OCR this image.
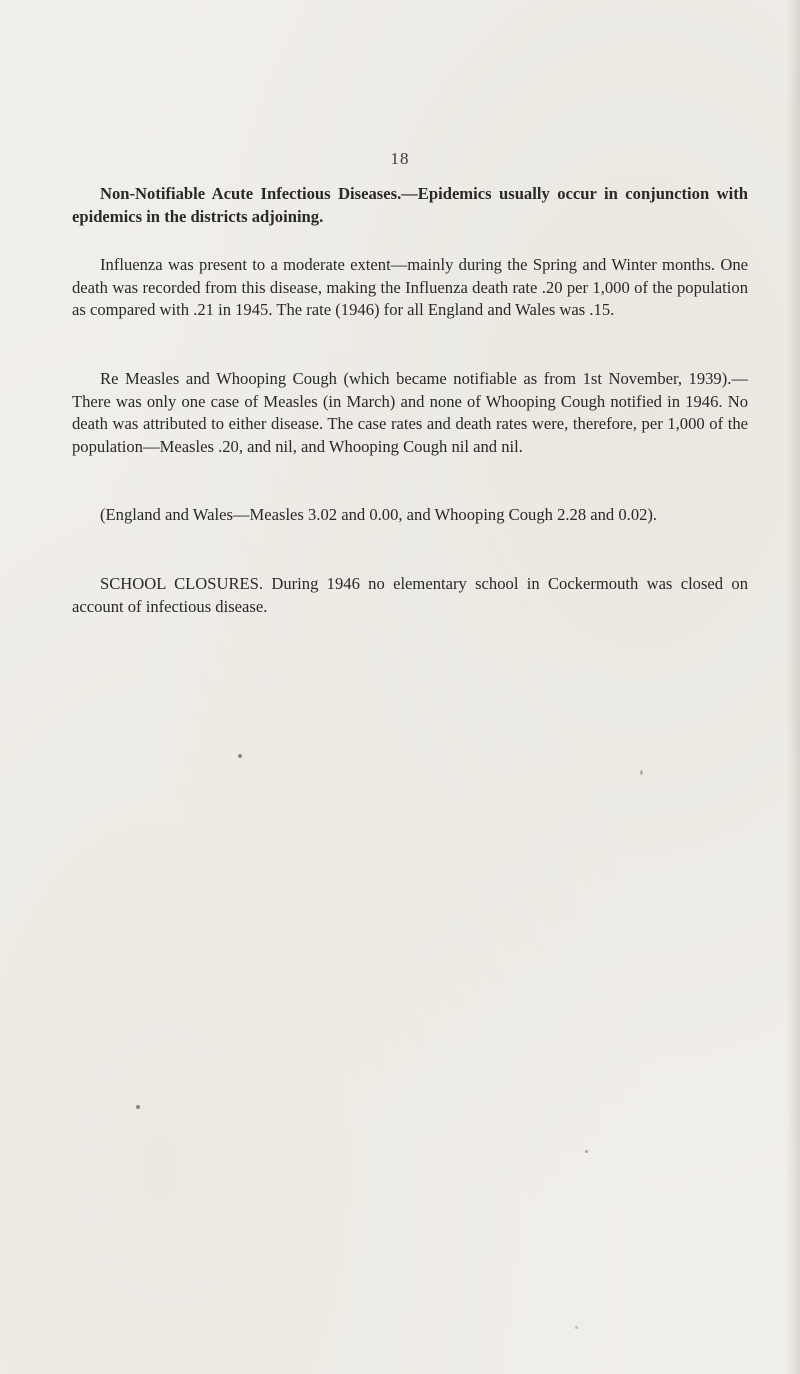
18

Non-Notifiable Acute Infectious Diseases.—Epidemics usually occur in conjunction with epidemics in the districts adjoining.

Influenza was present to a moderate extent—mainly during the Spring and Winter months. One death was recorded from this disease, making the Influenza death rate .20 per 1,000 of the population as compared with .21 in 1945. The rate (1946) for all England and Wales was .15.

Re Measles and Whooping Cough (which became notifiable as from 1st November, 1939).—There was only one case of Measles (in March) and none of Whooping Cough notified in 1946. No death was attributed to either disease. The case rates and death rates were, therefore, per 1,000 of the population—Measles .20, and nil, and Whooping Cough nil and nil.

(England and Wales—Measles 3.02 and 0.00, and Whooping Cough 2.28 and 0.02).

SCHOOL CLOSURES. During 1946 no elementary school in Cockermouth was closed on account of infectious disease.
